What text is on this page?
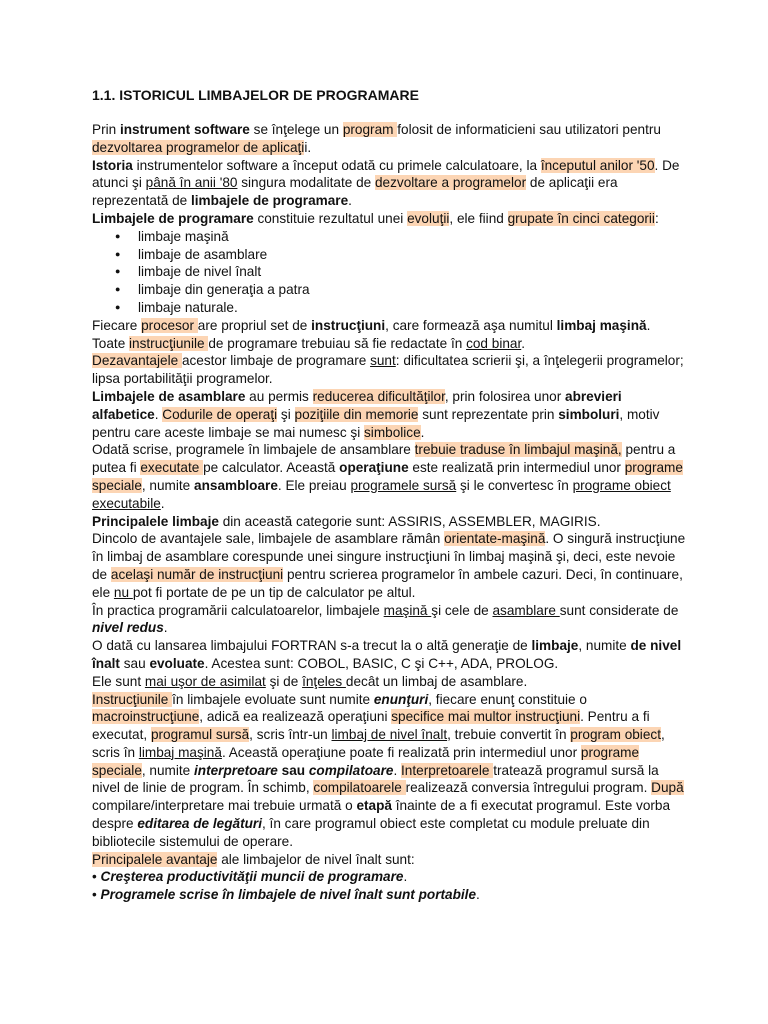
1.1. ISTORICUL LIMBAJELOR DE PROGRAMARE

Prin instrument software se înţelege un program folosit de informaticieni sau utilizatori pentru dezvoltarea programelor de aplicaţii.

Istoria instrumentelor software a început odată cu primele calculatoare, la începutul anilor '50. De atunci şi până în anii '80 singura modalitate de dezvoltare a programelor de aplicaţii era reprezentată de limbajele de programare.

Limbajele de programare constituie rezultatul unei evoluţii, ele fiind grupate în cinci categorii:

● limbaje maşină
● limbaje de asamblare
● limbaje de nivel înalt
● limbaje din generaţia a patra
● limbaje naturale.

Fiecare procesor are propriul set de instrucţiuni, care formează aşa numitul limbaj maşină. Toate instrucţiunile de programare trebuiau să fie redactate în cod binar.

Dezavantajele acestor limbaje de programare sunt: dificultatea scrierii şi, a înţelegerii programelor; lipsa portabilităţii programelor.

Limbajele de asamblare au permis reducerea dificultăţilor, prin folosirea unor abrevieri alfabetice. Codurile de operaţi şi poziţiile din memorie sunt reprezentate prin simboluri, motiv pentru care aceste limbaje se mai numesc şi simbolice.

Odată scrise, programele în limbajele de ansamblare trebuie traduse în limbajul maşină, pentru a putea fi executate pe calculator. Această operaţiune este realizată prin intermediul unor programe speciale, numite ansambloare. Ele preiau programele sursă şi le convertesc în programe obiect executabile.

Principalele limbaje din această categorie sunt: ASSIRIS, ASSEMBLER, MAGIRIS.

Dincolo de avantajele sale, limbajele de asamblare rămân orientate-maşină. O singură instrucţiune în limbaj de asamblare corespunde unei singure instrucţiuni în limbaj maşină şi, deci, este nevoie de acelaşi număr de instrucţiuni pentru scrierea programelor în ambele cazuri. Deci, în continuare, ele nu pot fi portate de pe un tip de calculator pe altul.

În practica programării calculatoarelor, limbajele maşină şi cele de asamblare sunt considerate de nivel redus.

O dată cu lansarea limbajului FORTRAN s-a trecut la o altă generaţie de limbaje, numite de nivel înalt sau evoluate. Acestea sunt: COBOL, BASIC, C şi C++, ADA, PROLOG.

Ele sunt mai uşor de asimilat şi de înţeles decât un limbaj de asamblare.

Instrucţiunile în limbajele evoluate sunt numite enunţuri, fiecare enunţ constituie o macroinstrucţiune, adică ea realizează operaţiuni specifice mai multor instrucţiuni. Pentru a fi executat, programul sursă, scris într-un limbaj de nivel înalt, trebuie convertit în program obiect, scris în limbaj maşină. Această operaţiune poate fi realizată prin intermediul unor programe speciale, numite interpretoare sau compilatoare. Interpretoarele tratează programul sursă la nivel de linie de program. În schimb, compilatoarele realizează conversia întregului program. După compilare/interpretare mai trebuie urmată o etapă înainte de a fi executat programul. Este vorba despre editarea de legături, în care programul obiect este completat cu module preluate din bibliotecile sistemului de operare.

Principalele avantaje ale limbajelor de nivel înalt sunt:

• Creşterea productivităţii muncii de programare.

• Programele scrise în limbajele de nivel înalt sunt portabile.
